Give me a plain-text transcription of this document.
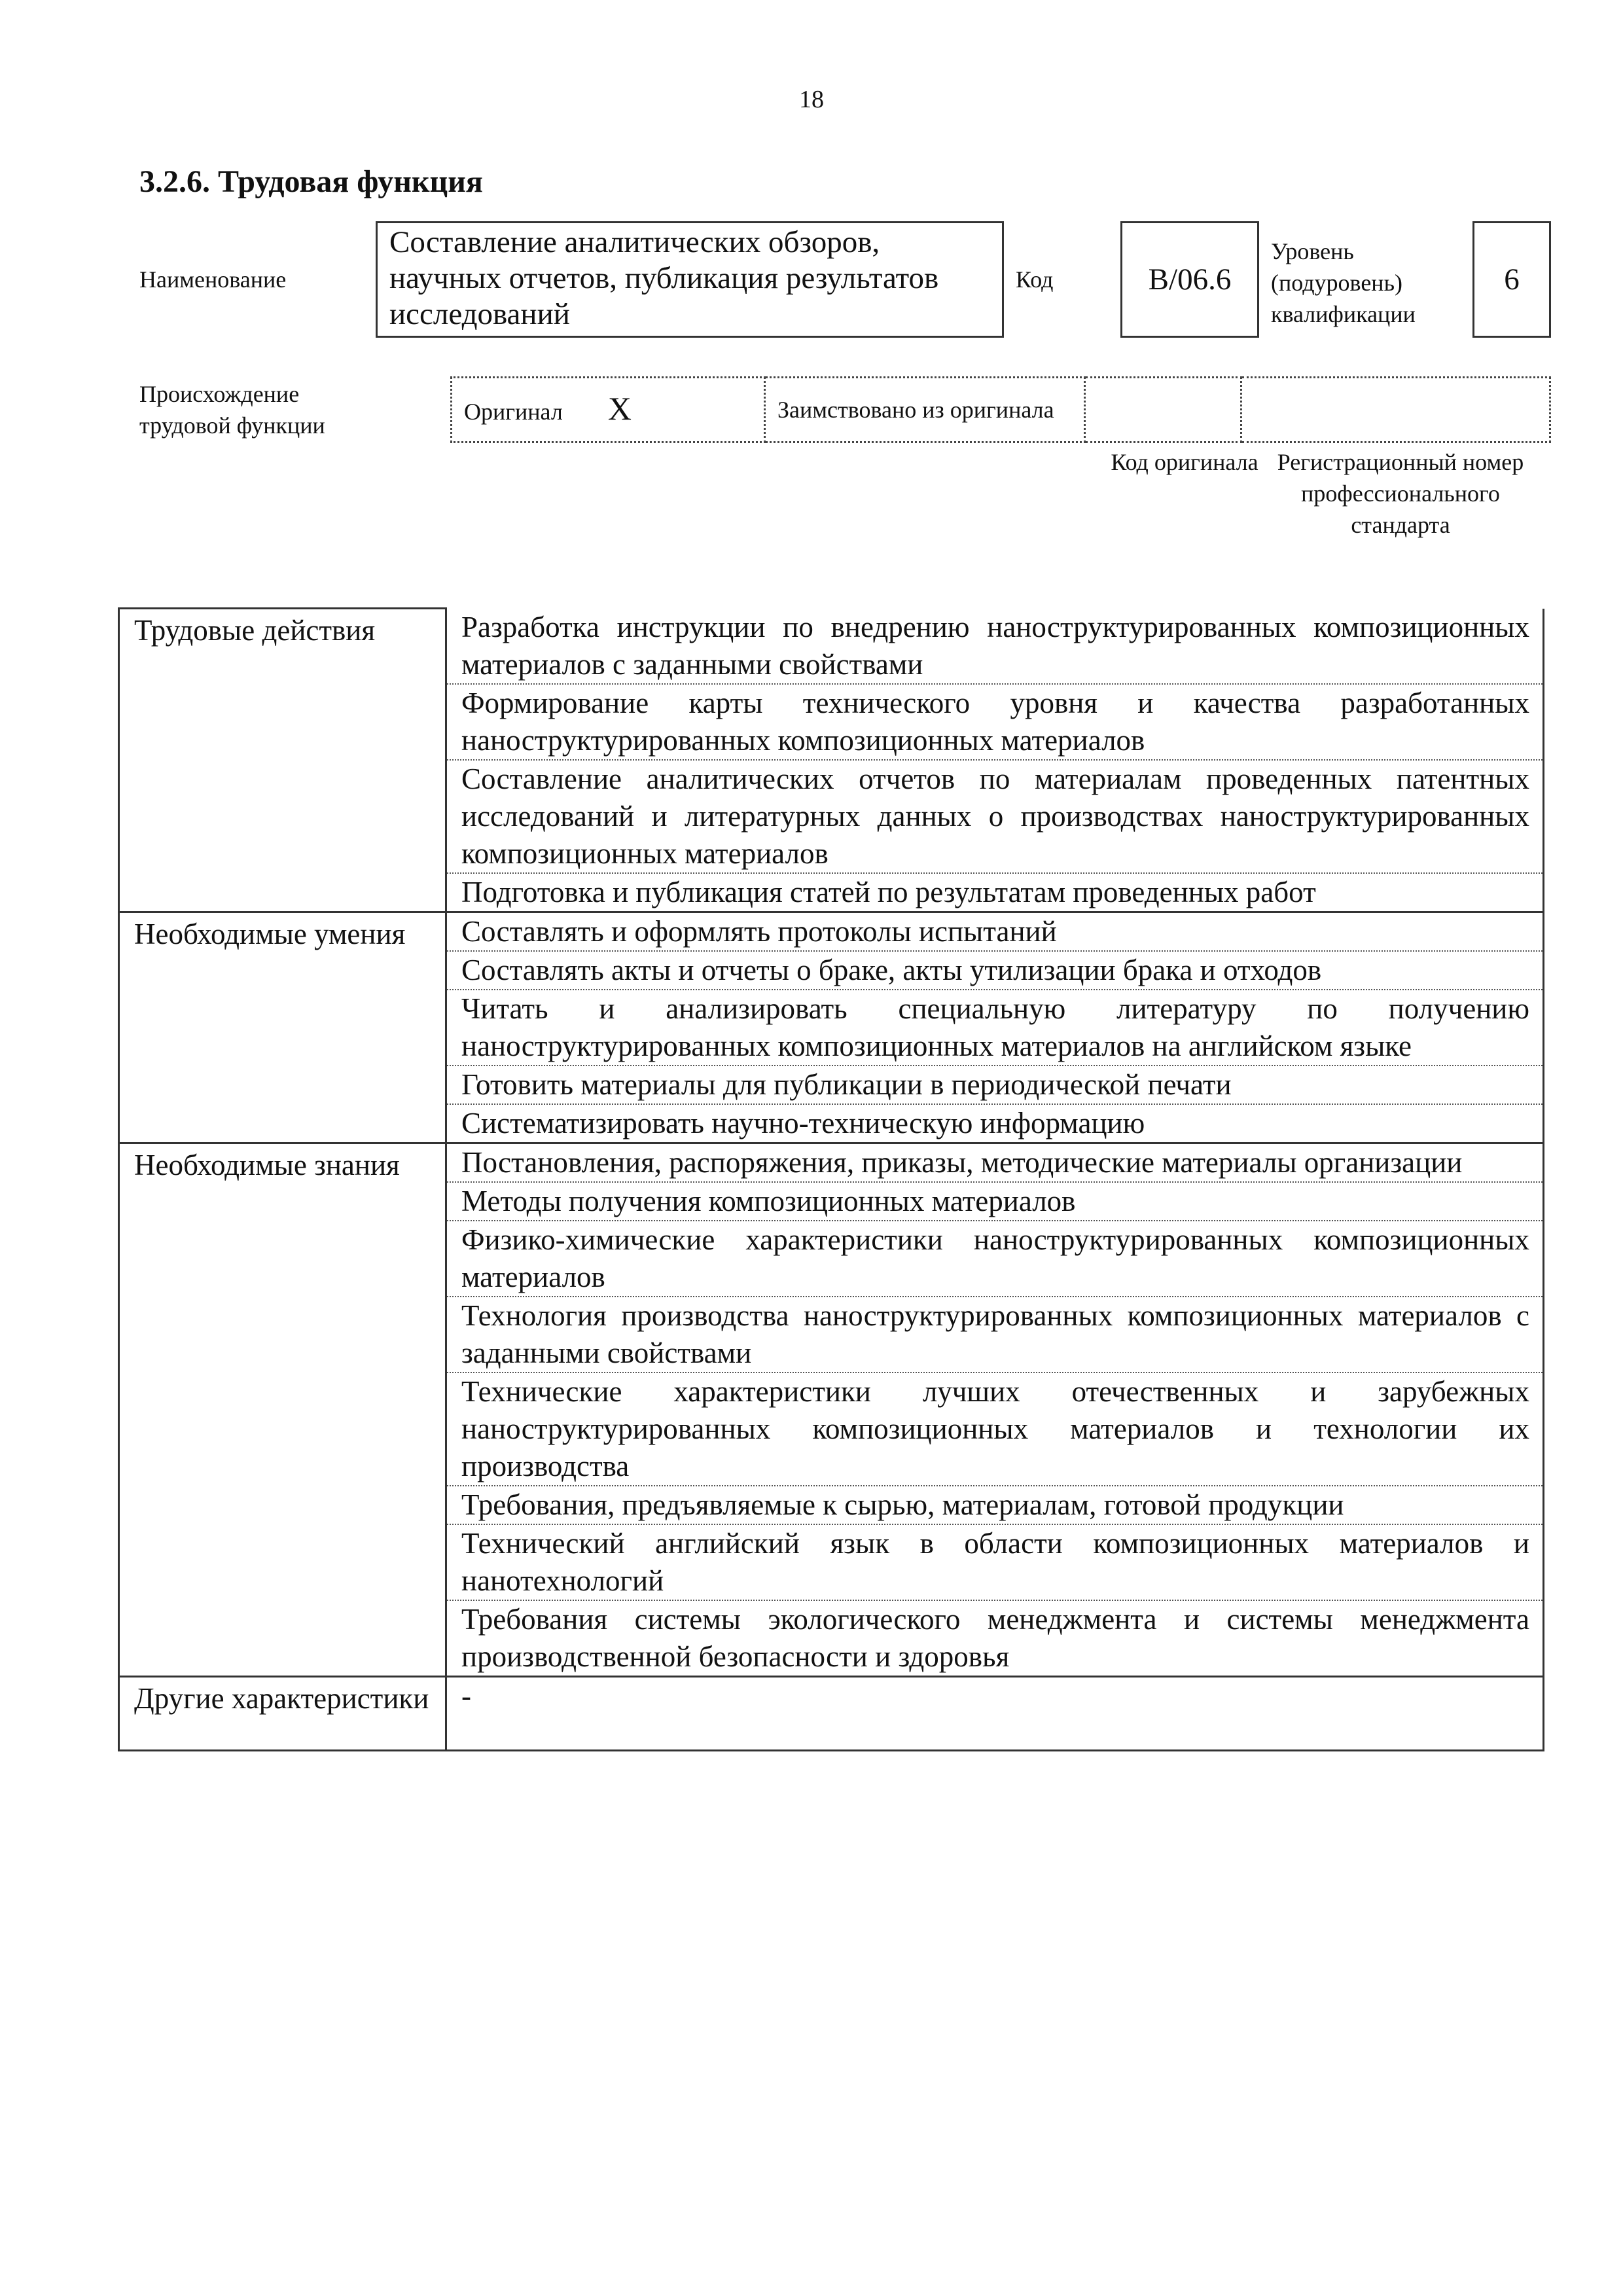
18
3.2.6. Трудовая функция
Наименование
Составление аналитических обзоров, научных отчетов, публикация результатов исследований
Код	B/06.6
Уровень (подуровень) квалификации
6
Происхождение трудовой функции
Оригинал X	Заимствовано из оригинала		
Код оригинала Регистрационный номер профессионального стандарта
Трудовые действия	Разработка инструкции по внедрению наноструктурированных композиционных материалов с заданными свойствами
	Формирование карты технического уровня и качества разработанных наноструктурированных композиционных материалов
	Составление аналитических отчетов по материалам проведенных патентных исследований и литературных данных о производствах наноструктурированных композиционных материалов
	Подготовка и публикация статей по результатам проведенных работ
Необходимые умения	Составлять и оформлять протоколы испытаний
	Составлять акты и отчеты о браке, акты утилизации брака и отходов
	Читать и анализировать специальную литературу по получению наноструктурированных композиционных материалов на английском языке
	Готовить материалы для публикации в периодической печати
	Систематизировать научно-техническую информацию
Необходимые знания	Постановления, распоряжения, приказы, методические материалы организации
	Методы получения композиционных материалов
	Физико-химические характеристики наноструктурированных композиционных материалов
	Технология производства наноструктурированных композиционных материалов с заданными свойствами
	Технические характеристики лучших отечественных и зарубежных наноструктурированных композиционных материалов и технологии их производства
	Требования, предъявляемые к сырью, материалам, готовой продукции
	Технический английский язык в области композиционных материалов и нанотехнологий
	Требования системы экологического менеджмента и системы менеджмента производственной безопасности и здоровья
Другие характеристики	-
